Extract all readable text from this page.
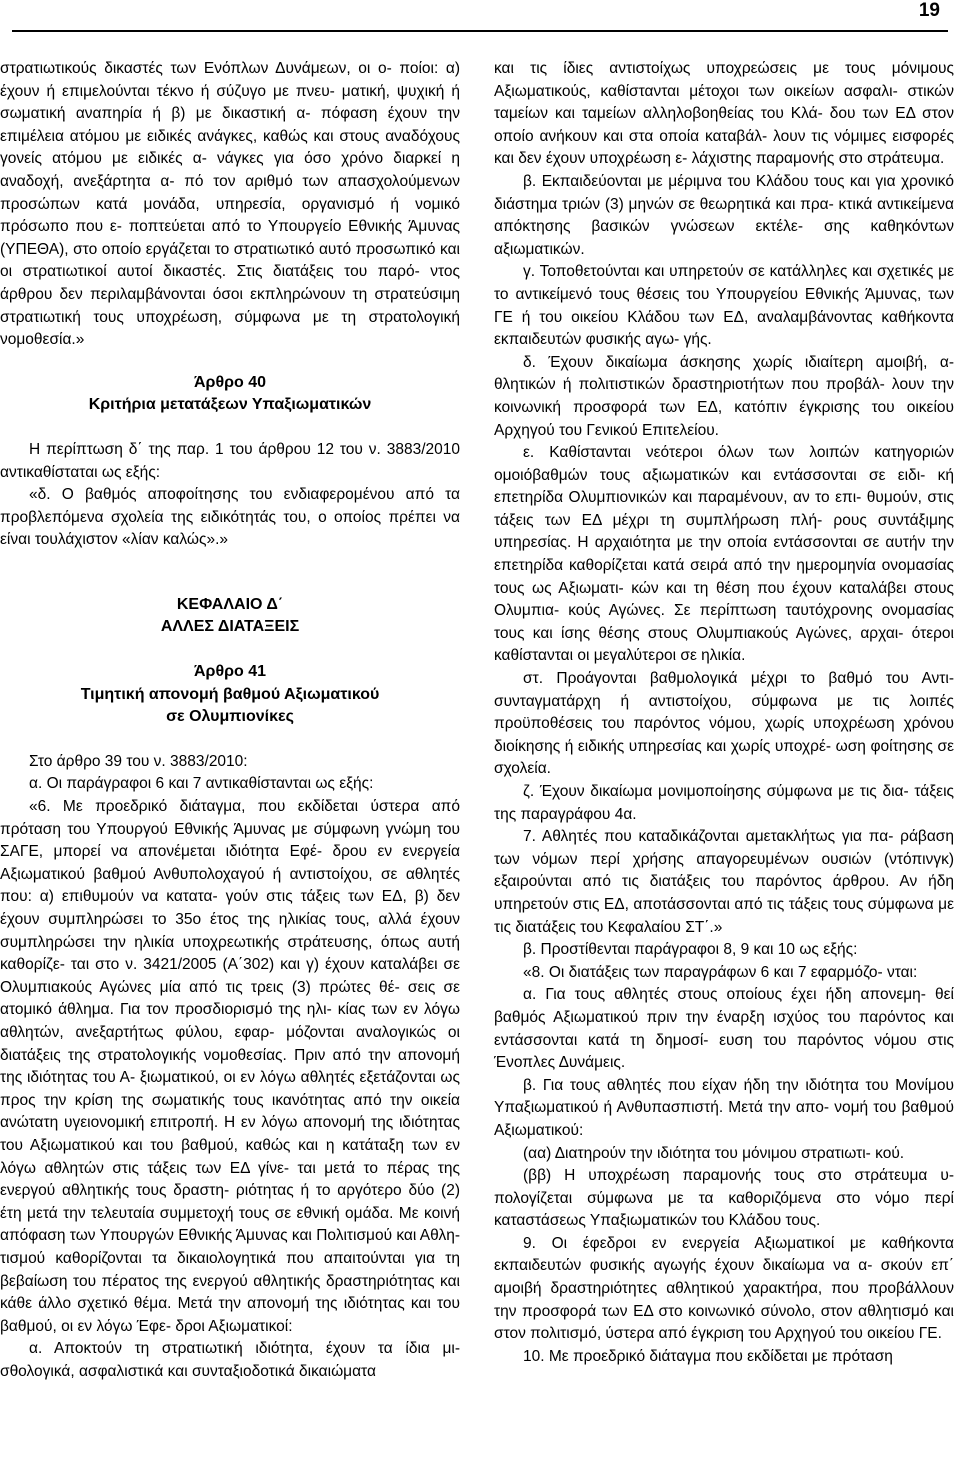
19

στρατιωτικούς δικαστές των Ενόπλων Δυνάμεων, οι ο- ποίοι: α) έχουν ή επιμελούνται τέκνο ή σύζυγο με πνευ- ματική, ψυχική ή σωματική αναπηρία ή β) με δικαστική α- πόφαση έχουν την επιμέλεια ατόμου με ειδικές ανάγκες, καθώς και στους αναδόχους γονείς ατόμου με ειδικές α- νάγκες για όσο χρόνο διαρκεί η αναδοχή, ανεξάρτητα α- πό τον αριθμό των απασχολούμενων προσώπων κατά μονάδα, υπηρεσία, οργανισμό ή νομικό πρόσωπο που ε- ποπτεύεται από το Υπουργείο Εθνικής Άμυνας (ΥΠΕΘΑ), στο οποίο εργάζεται το στρατιωτικό αυτό προσωπικό και οι στρατιωτικοί αυτοί δικαστές. Στις διατάξεις του παρό- ντος άρθρου δεν περιλαμβάνονται όσοι εκπληρώνουν τη στρατεύσιμη στρατιωτική τους υποχρέωση, σύμφωνα με τη στρατολογική νομοθεσία.»

Άρθρο 40

Κριτήρια μετατάξεων Υπαξιωματικών

Η περίπτωση δ΄ της παρ. 1 του άρθρου 12 του ν. 3883/2010 αντικαθίσταται ως εξής:

«δ. Ο βαθμός αποφοίτησης του ενδιαφερομένου από τα προβλεπόμενα σχολεία της ειδικότητάς του, ο οποίος πρέπει να είναι τουλάχιστον «λίαν καλώς».»

ΚΕΦΑΛΑΙΟ Δ΄

ΑΛΛΕΣ ΔΙΑΤΑΞΕΙΣ

Άρθρο 41

Τιμητική απονομή βαθμού Αξιωματικού

σε Ολυμπιονίκες

Στο άρθρο 39 του ν. 3883/2010:

α. Οι παράγραφοι 6 και 7 αντικαθίστανται ως εξής:

«6. Με προεδρικό διάταγμα, που εκδίδεται ύστερα από πρόταση του Υπουργού Εθνικής Άμυνας με σύμφωνη γνώμη του ΣΑΓΕ, μπορεί να απονέμεται ιδιότητα Εφέ- δρου εν ενεργεία Αξιωματικού βαθμού Ανθυπολοχαγού ή αντιστοίχου, σε αθλητές που: α) επιθυμούν να κατατα- γούν στις τάξεις των ΕΔ, β) δεν έχουν συμπληρώσει το 35ο έτος της ηλικίας τους, αλλά έχουν συμπληρώσει την ηλικία υποχρεωτικής στράτευσης, όπως αυτή καθορίζε- ται στο ν. 3421/2005 (Α΄302) και γ) έχουν καταλάβει σε Ολυμπιακούς Αγώνες μία από τις τρεις (3) πρώτες θέ- σεις σε ατομικό άθλημα. Για τον προσδιορισμό της ηλι- κίας των εν λόγω αθλητών, ανεξαρτήτως φύλου, εφαρ- μόζονται αναλογικώς οι διατάξεις της στρατολογικής νομοθεσίας. Πριν από την απονομή της ιδιότητας του Α- ξιωματικού, οι εν λόγω αθλητές εξετάζονται ως προς την κρίση της σωματικής τους ικανότητας από την οικεία ανώτατη υγειονομική επιτροπή. Η εν λόγω απονομή της ιδιότητας του Αξιωματικού και του βαθμού, καθώς και η κατάταξη των εν λόγω αθλητών στις τάξεις των ΕΔ γίνε- ται μετά το πέρας της ενεργού αθλητικής τους δραστη- ριότητας ή το αργότερο δύο (2) έτη μετά την τελευταία συμμετοχή τους σε εθνική ομάδα. Με κοινή απόφαση των Υπουργών Εθνικής Άμυνας και Πολιτισμού και Αθλη- τισμού καθορίζονται τα δικαιολογητικά που απαιτούνται για τη βεβαίωση του πέρατος της ενεργού αθλητικής δραστηριότητας και κάθε άλλο σχετικό θέμα. Μετά την απονομή της ιδιότητας και του βαθμού, οι εν λόγω Έφε- δροι Αξιωματικοί:

α. Αποκτούν τη στρατιωτική ιδιότητα, έχουν τα ίδια μι- σθολογικά, ασφαλιστικά και συνταξιοδοτικά δικαιώματα

και τις ίδιες αντιστοίχως υποχρεώσεις με τους μόνιμους Αξιωματικούς, καθίστανται μέτοχοι των οικείων ασφαλι- στικών ταμείων και ταμείων αλληλοβοηθείας του Κλά- δου των ΕΔ στον οποίο ανήκουν και στα οποία καταβάλ- λουν τις νόμιμες εισφορές και δεν έχουν υποχρέωση ε- λάχιστης παραμονής στο στράτευμα.

β. Εκπαιδεύονται με μέριμνα του Κλάδου τους και για χρονικό διάστημα τριών (3) μηνών σε θεωρητικά και πρα- κτικά αντικείμενα απόκτησης βασικών γνώσεων εκτέλε- σης καθηκόντων αξιωματικών.

γ. Τοποθετούνται και υπηρετούν σε κατάλληλες και σχετικές με το αντικείμενό τους θέσεις του Υπουργείου Εθνικής Άμυνας, των ΓΕ ή του οικείου Κλάδου των ΕΔ, αναλαμβάνοντας καθήκοντα εκπαιδευτών φυσικής αγω- γής.

δ. Έχουν δικαίωμα άσκησης χωρίς ιδιαίτερη αμοιβή, α- θλητικών ή πολιτιστικών δραστηριοτήτων που προβάλ- λουν την κοινωνική προσφορά των ΕΔ, κατόπιν έγκρισης του οικείου Αρχηγού του Γενικού Επιτελείου.

ε. Καθίστανται νεότεροι όλων των λοιπών κατηγοριών ομοιόβαθμών τους αξιωματικών και εντάσσονται σε ειδι- κή επετηρίδα Ολυμπιονικών και παραμένουν, αν το επι- θυμούν, στις τάξεις των ΕΔ μέχρι τη συμπλήρωση πλή- ρους συντάξιμης υπηρεσίας. Η αρχαιότητα με την οποία εντάσσονται σε αυτήν την επετηρίδα καθορίζεται κατά σειρά από την ημερομηνία ονομασίας τους ως Αξιωματι- κών και τη θέση που έχουν καταλάβει στους Ολυμπια- κούς Αγώνες. Σε περίπτωση ταυτόχρονης ονομασίας τους και ίσης θέσης στους Ολυμπιακούς Αγώνες, αρχαι- ότεροι καθίστανται οι μεγαλύτεροι σε ηλικία.

στ. Προάγονται βαθμολογικά μέχρι το βαθμό του Αντι- συνταγματάρχη ή αντιστοίχου, σύμφωνα με τις λοιπές προϋποθέσεις του παρόντος νόμου, χωρίς υποχρέωση χρόνου διοίκησης ή ειδικής υπηρεσίας και χωρίς υποχρέ- ωση φοίτησης σε σχολεία.

ζ. Έχουν δικαίωμα μονιμοποίησης σύμφωνα με τις δια- τάξεις της παραγράφου 4α.

7. Αθλητές που καταδικάζονται αμετακλήτως για πα- ράβαση των νόμων περί χρήσης απαγορευμένων ουσιών (ντόπινγκ) εξαιρούνται από τις διατάξεις του παρόντος άρθρου. Αν ήδη υπηρετούν στις ΕΔ, αποτάσσονται από τις τάξεις τους σύμφωνα με τις διατάξεις του Κεφαλαίου ΣΤ΄.»

β. Προστίθενται παράγραφοι 8, 9 και 10 ως εξής:

«8. Οι διατάξεις των παραγράφων 6 και 7 εφαρμόζο- νται:

α. Για τους αθλητές στους οποίους έχει ήδη απονεμη- θεί βαθμός Αξιωματικού πριν την έναρξη ισχύος του παρόντος και εντάσσονται κατά τη δημοσί- ευση του παρόντος νόμου στις Ένοπλες Δυνάμεις.

β. Για τους αθλητές που είχαν ήδη την ιδιότητα του Μονίμου Υπαξιωματικού ή Ανθυπασπιστή. Μετά την απο- νομή του βαθμού Αξιωματικού:

(αα) Διατηρούν την ιδιότητα του μόνιμου στρατιωτι- κού.

(ββ) Η υποχρέωση παραμονής τους στο στράτευμα υ- πολογίζεται σύμφωνα με τα καθοριζόμενα στο νόμο περί καταστάσεως Υπαξιωματικών του Κλάδου τους.

9. Οι έφεδροι εν ενεργεία Αξιωματικοί με καθήκοντα εκπαιδευτών φυσικής αγωγής έχουν δικαίωμα να α- σκούν επ΄ αμοιβή δραστηριότητες αθλητικού χαρακτήρα, που προβάλλουν την προσφορά των ΕΔ στο κοινωνικό σύνολο, στον αθλητισμό και στον πολιτισμό, ύστερα από έγκριση του Αρχηγού του οικείου ΓΕ.

10. Με προεδρικό διάταγμα που εκδίδεται με πρόταση
